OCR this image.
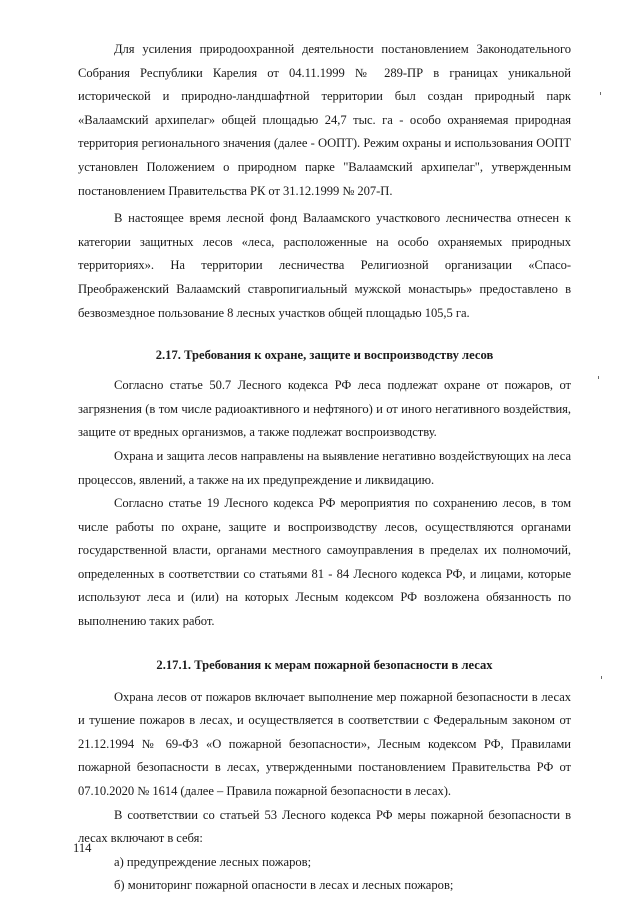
Для усиления природоохранной деятельности постановлением Законодательного Собрания Республики Карелия от 04.11.1999 № 289-ПР в границах уникальной исторической и природно-ландшафтной территории был создан природный парк «Валаамский архипелаг» общей площадью 24,7 тыс. га - особо охраняемая природная территория регионального значения (далее - ООПТ). Режим охраны и использования ООПТ установлен Положением о природном парке "Валаамский архипелаг", утвержденным постановлением Правительства РК от 31.12.1999 № 207-П.

В настоящее время лесной фонд Валаамского участкового лесничества отнесен к категории защитных лесов «леса, расположенные на особо охраняемых природных территориях». На территории лесничества Религиозной организации «Спасо-Преображенский Валаамский ставропигиальный мужской монастырь» предоставлено в безвозмездное пользование 8 лесных участков общей площадью 105,5 га.

2.17. Требования к охране, защите и воспроизводству лесов

Согласно статье 50.7 Лесного кодекса РФ леса подлежат охране от пожаров, от загрязнения (в том числе радиоактивного и нефтяного) и от иного негативного воздействия, защите от вредных организмов, а также подлежат воспроизводству.

Охрана и защита лесов направлены на выявление негативно воздействующих на леса процессов, явлений, а также на их предупреждение и ликвидацию.

Согласно статье 19 Лесного кодекса РФ мероприятия по сохранению лесов, в том числе работы по охране, защите и воспроизводству лесов, осуществляются органами государственной власти, органами местного самоуправления в пределах их полномочий, определенных в соответствии со статьями 81 - 84 Лесного кодекса РФ, и лицами, которые используют леса и (или) на которых Лесным кодексом РФ возложена обязанность по выполнению таких работ.

2.17.1. Требования к мерам пожарной безопасности в лесах

Охрана лесов от пожаров включает выполнение мер пожарной безопасности в лесах и тушение пожаров в лесах, и осуществляется в соответствии с Федеральным законом от 21.12.1994 № 69-ФЗ «О пожарной безопасности», Лесным кодексом РФ, Правилами пожарной безопасности в лесах, утвержденными постановлением Правительства РФ от 07.10.2020 № 1614 (далее – Правила пожарной безопасности в лесах).

В соответствии со статьей 53 Лесного кодекса РФ меры пожарной безопасности в лесах включают в себя:

а) предупреждение лесных пожаров;

б) мониторинг пожарной опасности в лесах и лесных пожаров;

114
